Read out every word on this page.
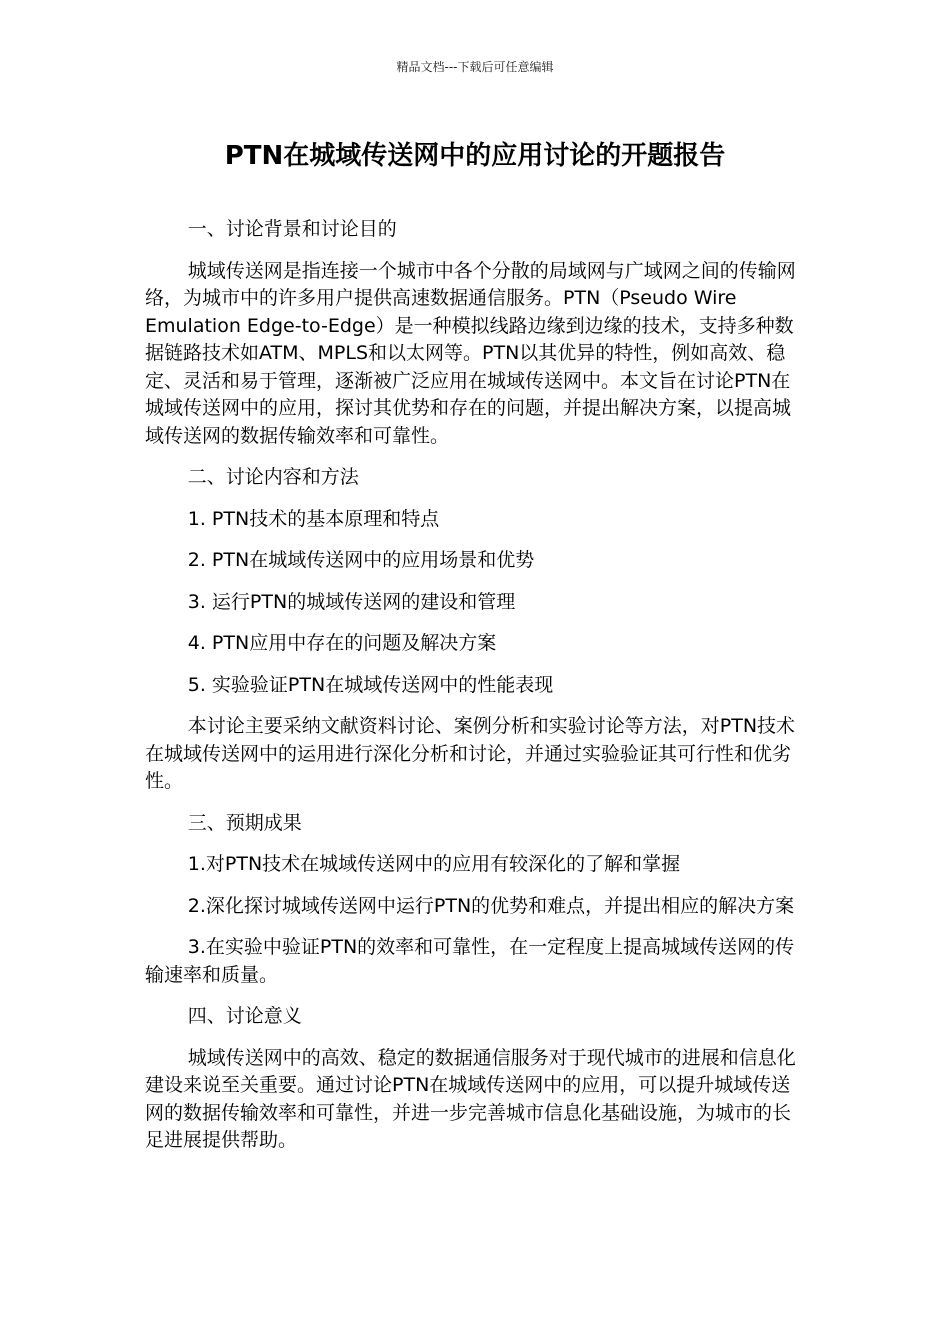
精品文档---下载后可任意编辑
PTN在城域传送网中的应用讨论的开题报告

一、讨论背景和讨论目的

城域传送网是指连接一个城市中各个分散的局域网与广域网之间的传输网络，为城市中的许多用户提供高速数据通信服务。PTN（Pseudo Wire Emulation Edge-to-Edge）是一种模拟线路边缘到边缘的技术，支持多种数据链路技术如ATM、MPLS和以太网等。PTN以其优异的特性，例如高效、稳定、灵活和易于管理，逐渐被广泛应用在城域传送网中。本文旨在讨论PTN在城域传送网中的应用，探讨其优势和存在的问题，并提出解决方案，以提高城域传送网的数据传输效率和可靠性。

二、讨论内容和方法

1. PTN技术的基本原理和特点

2. PTN在城域传送网中的应用场景和优势

3. 运行PTN的城域传送网的建设和管理

4. PTN应用中存在的问题及解决方案

5. 实验验证PTN在城域传送网中的性能表现

本讨论主要采纳文献资料讨论、案例分析和实验讨论等方法，对PTN技术在城域传送网中的运用进行深化分析和讨论，并通过实验验证其可行性和优劣性。

三、预期成果

1.对PTN技术在城域传送网中的应用有较深化的了解和掌握

2.深化探讨城域传送网中运行PTN的优势和难点，并提出相应的解决方案

3.在实验中验证PTN的效率和可靠性，在一定程度上提高城域传送网的传输速率和质量。

四、讨论意义

城域传送网中的高效、稳定的数据通信服务对于现代城市的进展和信息化建设来说至关重要。通过讨论PTN在城域传送网中的应用，可以提升城域传送网的数据传输效率和可靠性，并进一步完善城市信息化基础设施，为城市的长足进展提供帮助。
